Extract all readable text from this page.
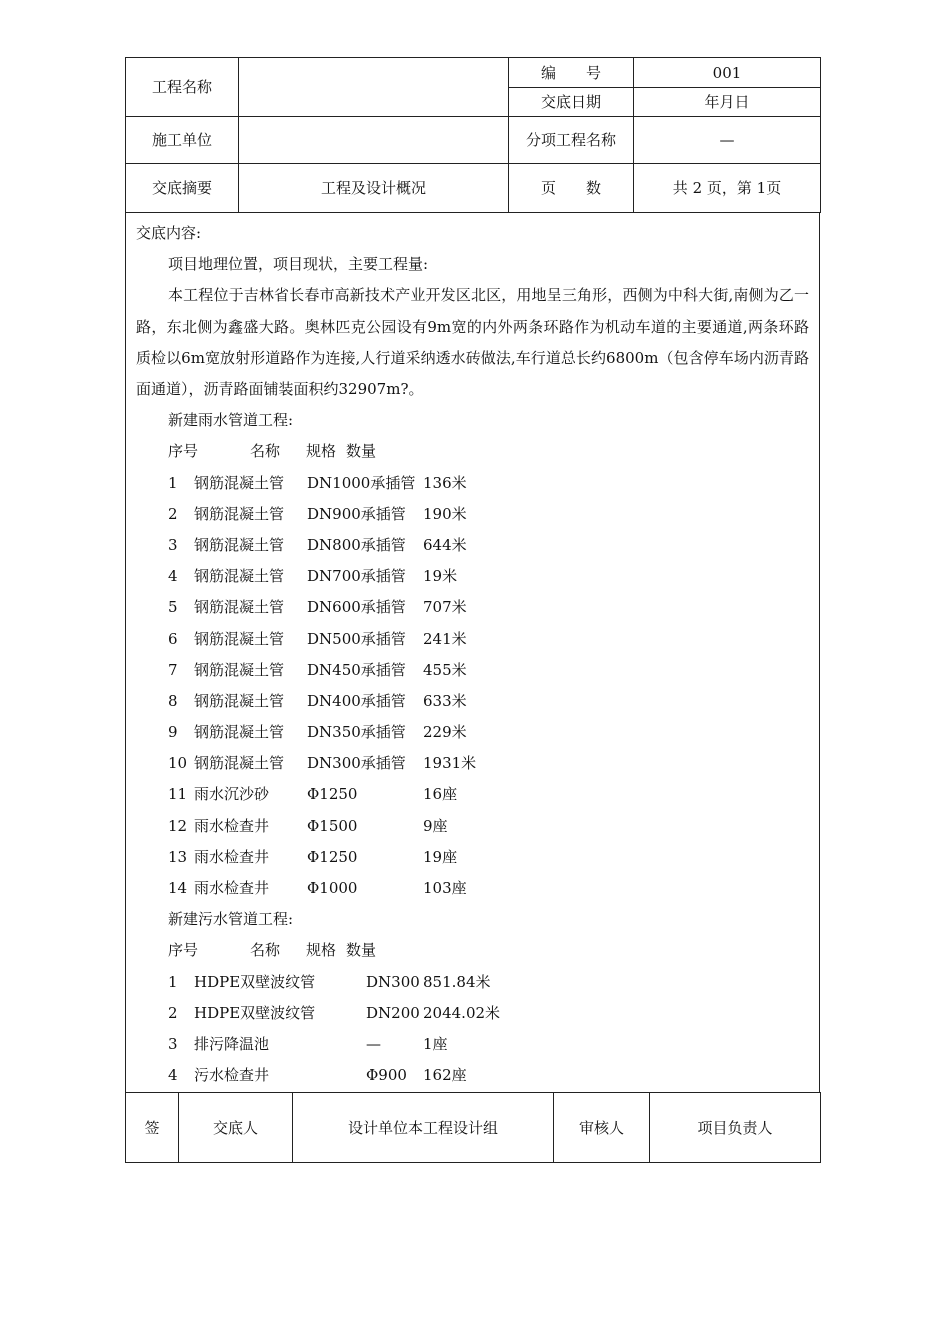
工程名称		编　　号	001
		交底日期	年月日
施工单位		分项工程名称	—
交底摘要	工程及设计概况	页　　数	共 2 页，第 1页
交底内容:
项目地理位置，项目现状，主要工程量:

本工程位于吉林省长春市高新技术产业开发区北区，用地呈三角形，西侧为中科大街,南侧为乙一路，东北侧为鑫盛大路。奥林匹克公园设有9m宽的内外两条环路作为机动车道的主要通道,两条环路质检以6m宽放射形道路作为连接,人行道采纳透水砖做法,车行道总长约6800m（包含停车场内沥青路面通道），沥青路面铺装面积约32907m?。

新建雨水管道工程:
序号	名称	规格 数量
1	钢筋混凝土管	DN1000承插管 136米
2	钢筋混凝土管	DN900承插管	190米
3	钢筋混凝土管	DN800承插管	644米
4	钢筋混凝土管	DN700承插管	19米
5	钢筋混凝土管	DN600承插管	707米
6	钢筋混凝土管	DN500承插管	241米
7	钢筋混凝土管	DN450承插管	455米
8	钢筋混凝土管	DN400承插管	633米
9	钢筋混凝土管	DN350承插管	229米
10 钢筋混凝土管	DN300承插管	1931米
11 雨水沉沙砂	Φ1250	16座
12 雨水检查井	Φ1500	9座
13 雨水检查井	Φ1250	19座
14 雨水检查井	Φ1000	103座
新建污水管道工程:
序号	名称	规格 数量
1	HDPE双壁波纹管	DN300 851.84米
2	HDPE双壁波纹管	DN200 2044.02米
3	排污降温池	—	1座
4	污水检查井	Φ900	162座
签	交底人	设计单位本工程设计组	审核人	项目负责人
